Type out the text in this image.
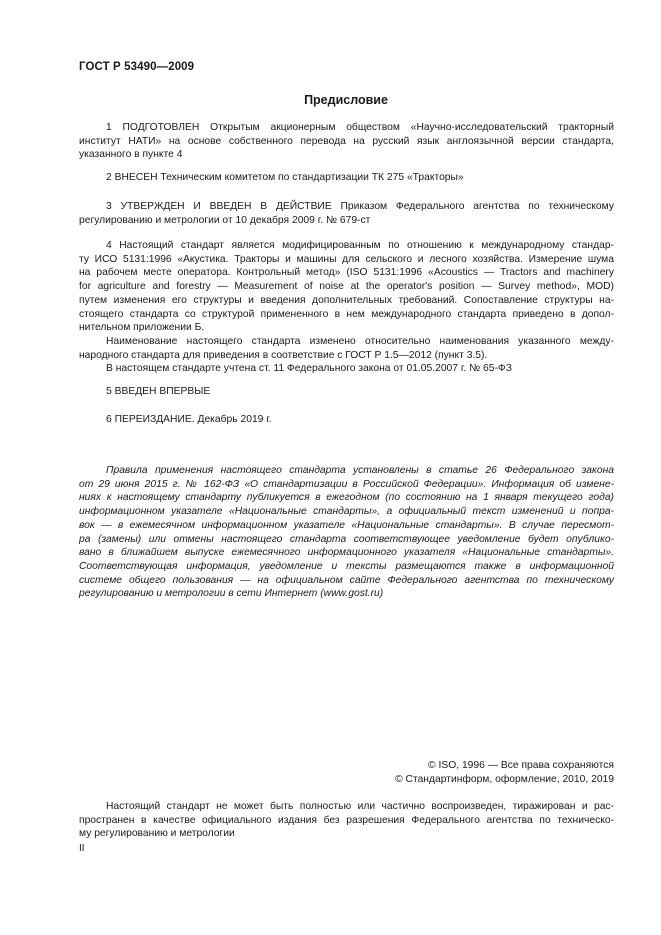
ГОСТ Р 53490—2009
Предисловие
1 ПОДГОТОВЛЕН Открытым акционерным обществом «Научно-исследовательский тракторный
институт НАТИ» на основе собственного перевода на русский язык англоязычной версии стандарта,
указанного в пункте 4
2 ВНЕСЕН Техническим комитетом по стандартизации ТК 275 «Тракторы»
3 УТВЕРЖДЕН И ВВЕДЕН В ДЕЙСТВИЕ Приказом Федерального агентства по техническому
регулированию и метрологии от 10 декабря 2009 г. № 679-ст
4 Настоящий стандарт является модифицированным по отношению к международному стандар-
ту ИСО 5131:1996 «Акустика. Тракторы и машины для сельского и лесного хозяйства. Измерение шума
на рабочем месте оператора. Контрольный метод» (ISO 5131:1996 «Acoustics — Tractors and machinery
for agriculture and forestry — Measurement of noise at the operator's position — Survey method», MOD)
путем изменения его структуры и введения дополнительных требований. Сопоставление структуры на-
стоящего стандарта со структурой примененного в нем международного стандарта приведено в допол-
нительном приложении Б.
Наименование настоящего стандарта изменено относительно наименования указанного между-
народного стандарта для приведения в соответствие с ГОСТ Р 1.5—2012 (пункт 3.5).
В настоящем стандарте учтена ст. 11 Федерального закона от 01.05.2007 г. № 65-ФЗ
5 ВВЕДЕН ВПЕРВЫЕ
6 ПЕРЕИЗДАНИЕ. Декабрь 2019 г.
Правила применения настоящего стандарта установлены в статье 26 Федерального закона
от 29 июня 2015 г. № 162-ФЗ «О стандартизации в Российской Федерации». Информация об измене-
ниях к настоящему стандарту публикуется в ежегодном (по состоянию на 1 января текущего года)
информационном указателе «Национальные стандарты», а официальный текст изменений и попра-
вок — в ежемесячном информационном указателе «Национальные стандарты». В случае пересмот-
ра (замены) или отмены настоящего стандарта соответствующее уведомление будет опублико-
вано в ближайшем выпуске ежемесячного информационного указателя «Национальные стандарты».
Соответствующая информация, уведомление и тексты размещаются также в информационной
системе общего пользования — на официальном сайте Федерального агентства по техническому
регулированию и метрологии в сети Интернет (www.gost.ru)
© ISO, 1996 — Все права сохраняются
© Стандартинформ, оформление, 2010, 2019
Настоящий стандарт не может быть полностью или частично воспроизведен, тиражирован и рас-
пространен в качестве официального издания без разрешения Федерального агентства по техническо-
му регулированию и метрологии
II
